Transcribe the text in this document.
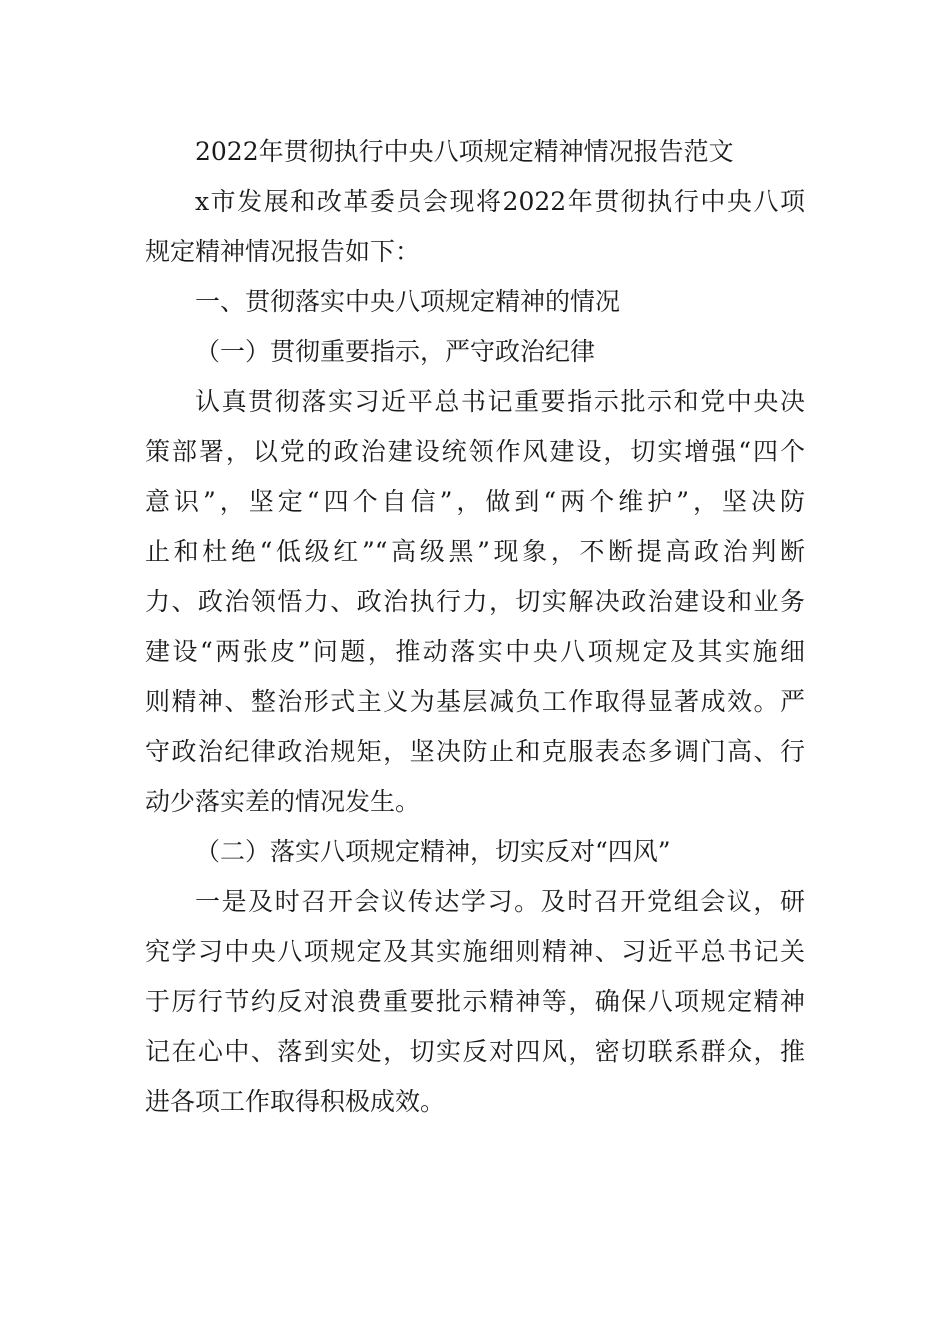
2022年贯彻执行中央八项规定精神情况报告范文

x市发展和改革委员会现将2022年贯彻执行中央八项

规定精神情况报告如下：

一、贯彻落实中央八项规定精神的情况

（一）贯彻重要指示，严守政治纪律

认真贯彻落实习近平总书记重要指示批示和党中央决

策部署，以党的政治建设统领作风建设，切实增强“四个

意识”，坚定“四个自信”，做到“两个维护”，坚决防

止和杜绝“低级红”“高级黑”现象，不断提高政治判断

力、政治领悟力、政治执行力，切实解决政治建设和业务

建设“两张皮”问题，推动落实中央八项规定及其实施细

则精神、整治形式主义为基层减负工作取得显著成效。严

守政治纪律政治规矩，坚决防止和克服表态多调门高、行

动少落实差的情况发生。

（二）落实八项规定精神，切实反对“四风”

一是及时召开会议传达学习。及时召开党组会议，研

究学习中央八项规定及其实施细则精神、习近平总书记关

于厉行节约反对浪费重要批示精神等，确保八项规定精神

记在心中、落到实处，切实反对四风，密切联系群众，推

进各项工作取得积极成效。
